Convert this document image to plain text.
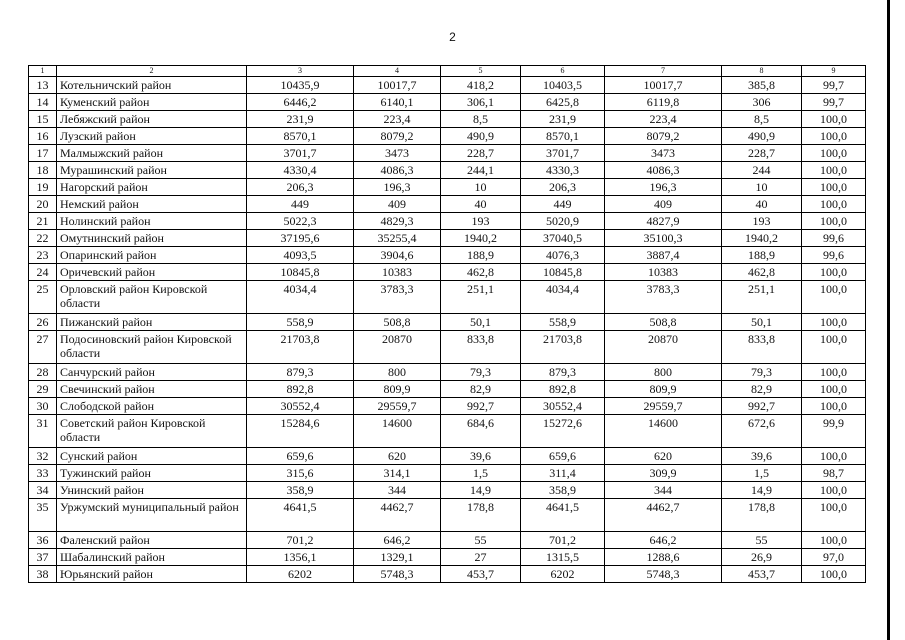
2
1	2	3	4	5	6	7	8	9
13	Котельничский район	10435,9	10017,7	418,2	10403,5	10017,7	385,8	99,7
14	Куменский район	6446,2	6140,1	306,1	6425,8	6119,8	306	99,7
15	Лебяжский район	231,9	223,4	8,5	231,9	223,4	8,5	100,0
16	Лузский район	8570,1	8079,2	490,9	8570,1	8079,2	490,9	100,0
17	Малмыжский район	3701,7	3473	228,7	3701,7	3473	228,7	100,0
18	Мурашинский район	4330,4	4086,3	244,1	4330,3	4086,3	244	100,0
19	Нагорский район	206,3	196,3	10	206,3	196,3	10	100,0
20	Немский район	449	409	40	449	409	40	100,0
21	Нолинский район	5022,3	4829,3	193	5020,9	4827,9	193	100,0
22	Омутнинский район	37195,6	35255,4	1940,2	37040,5	35100,3	1940,2	99,6
23	Опаринский район	4093,5	3904,6	188,9	4076,3	3887,4	188,9	99,6
24	Оричевский район	10845,8	10383	462,8	10845,8	10383	462,8	100,0
25	Орловский район Кировской области	4034,4	3783,3	251,1	4034,4	3783,3	251,1	100,0
26	Пижанский район	558,9	508,8	50,1	558,9	508,8	50,1	100,0
27	Подосиновский район Кировской области	21703,8	20870	833,8	21703,8	20870	833,8	100,0
28	Санчурский район	879,3	800	79,3	879,3	800	79,3	100,0
29	Свечинский район	892,8	809,9	82,9	892,8	809,9	82,9	100,0
30	Слободской район	30552,4	29559,7	992,7	30552,4	29559,7	992,7	100,0
31	Советский район Кировской области	15284,6	14600	684,6	15272,6	14600	672,6	99,9
32	Сунский район	659,6	620	39,6	659,6	620	39,6	100,0
33	Тужинский район	315,6	314,1	1,5	311,4	309,9	1,5	98,7
34	Унинский район	358,9	344	14,9	358,9	344	14,9	100,0
35	Уржумский муниципальный район	4641,5	4462,7	178,8	4641,5	4462,7	178,8	100,0
36	Фаленский район	701,2	646,2	55	701,2	646,2	55	100,0
37	Шабалинский район	1356,1	1329,1	27	1315,5	1288,6	26,9	97,0
38	Юрьянский район	6202	5748,3	453,7	6202	5748,3	453,7	100,0
